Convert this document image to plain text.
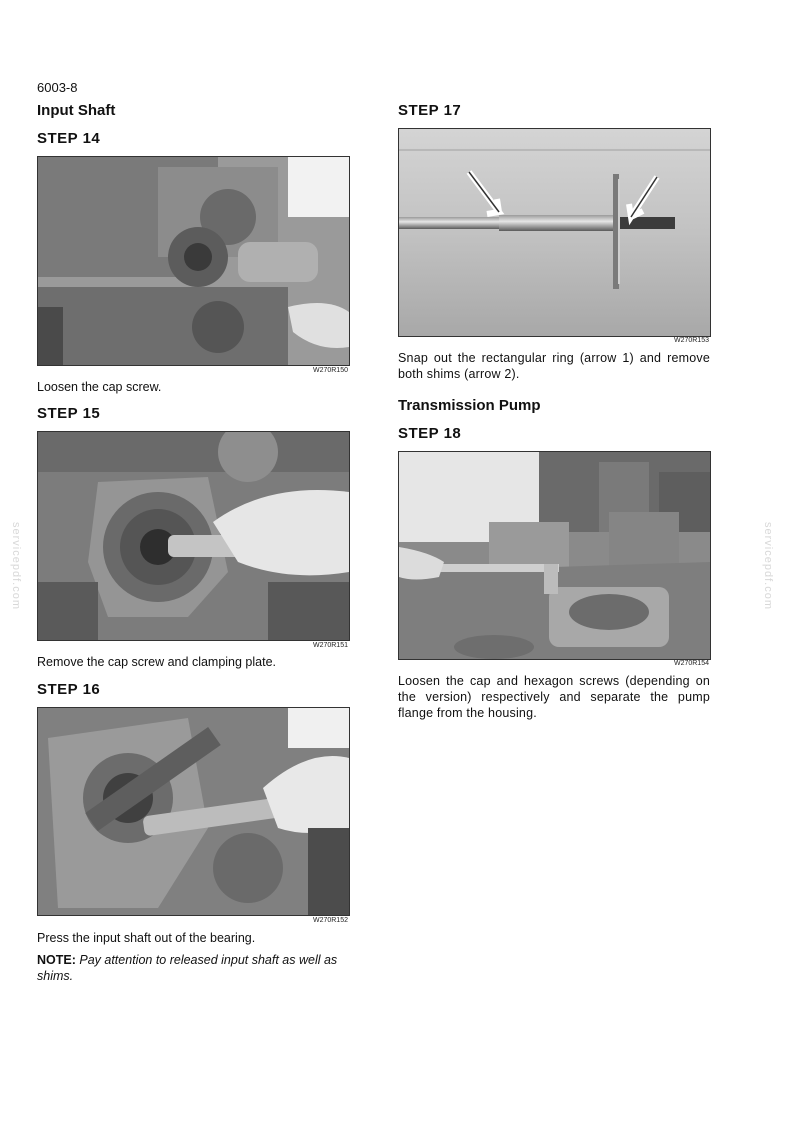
6003-8
Input Shaft
STEP 14
W270R150
Loosen the cap screw.
STEP 15
W270R151
Remove the cap screw and clamping plate.
STEP 16
W270R152
Press the input shaft out of the bearing.
NOTE: Pay attention to released input shaft as well as shims.
STEP 17
W270R153
Snap out the rectangular ring (arrow 1) and remove both shims (arrow 2).
Transmission Pump
STEP 18
W270R154
Loosen the cap and hexagon screws (depending on the version) respectively and separate the pump flange from the housing.
servicepdf.com	servicepdf.com
